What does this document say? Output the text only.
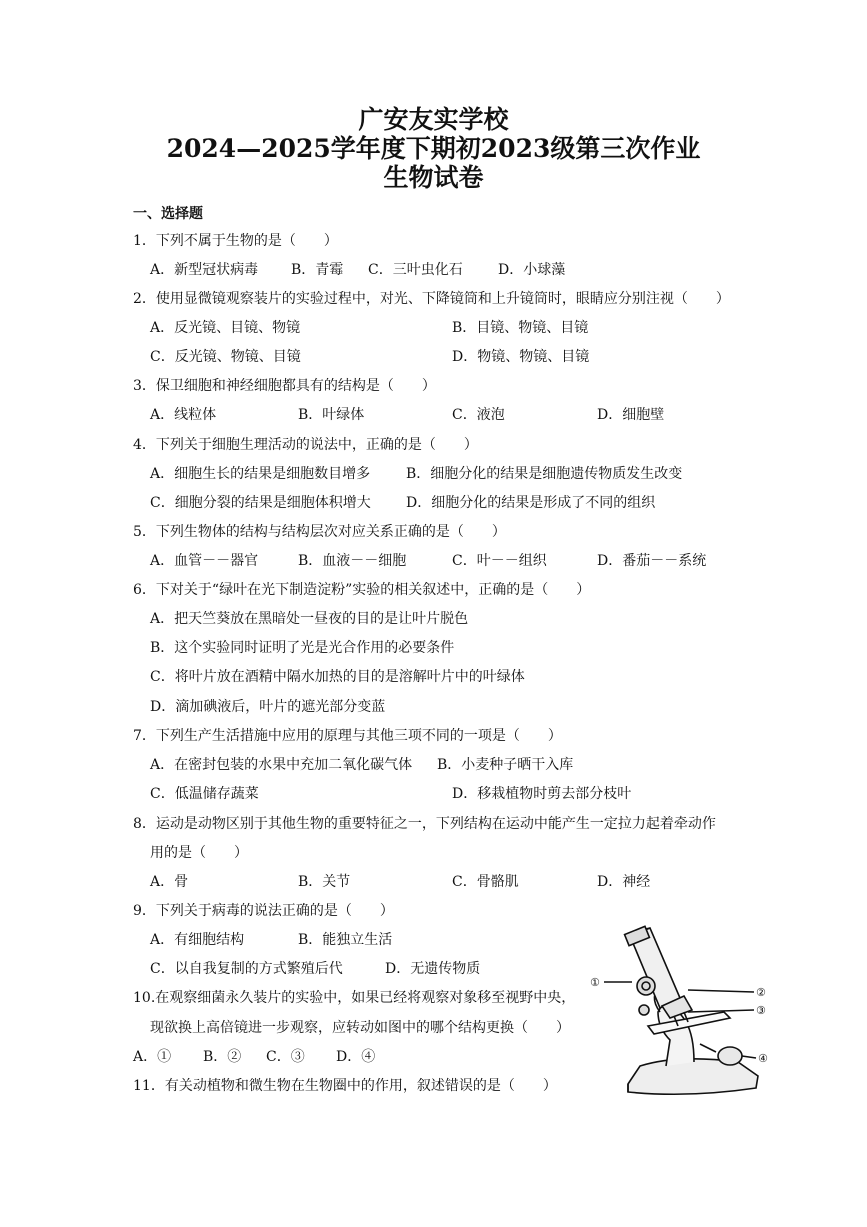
广安友实学校
2024—2025学年度下期初2023级第三次作业
生物试卷
一、选择题
1．下列不属于生物的是（　　）
A．新型冠状病毒 B．青霉 C．三叶虫化石	D．小球藻
2．使用显微镜观察装片的实验过程中，对光、下降镜筒和上升镜筒时，眼睛应分别注视（　　）
A．反光镜、目镜、物镜	B．目镜、物镜、目镜
C．反光镜、物镜、目镜	D．物镜、物镜、目镜
3．保卫细胞和神经细胞都具有的结构是（　　）
A．线粒体	B．叶绿体	C．液泡	D．细胞壁
4．下列关于细胞生理活动的说法中，正确的是（　　）
A．细胞生长的结果是细胞数目增多	B．细胞分化的结果是细胞遗传物质发生改变
C．细胞分裂的结果是细胞体积增大	D．细胞分化的结果是形成了不同的组织
5．下列生物体的结构与结构层次对应关系正确的是（　　）
A．血管－－器官	B．血液－－细胞	C．叶－－组织	D．番茄－－系统
6．下对关于“绿叶在光下制造淀粉”实验的相关叙述中，正确的是（　　）
A．把天竺葵放在黑暗处一昼夜的目的是让叶片脱色
B．这个实验同时证明了光是光合作用的必要条件
C．将叶片放在酒精中隔水加热的目的是溶解叶片中的叶绿体
D．滴加碘液后，叶片的遮光部分变蓝
7．下列生产生活措施中应用的原理与其他三项不同的一项是（　　）
A．在密封包装的水果中充加二氧化碳气体 B．小麦种子晒干入库
C．低温储存蔬菜	D．移栽植物时剪去部分枝叶
8．运动是动物区别于其他生物的重要特征之一，下列结构在运动中能产生一定拉力起着牵动作
用的是（　　）
A．骨	B．关节	C．骨骼肌	D．神经
9．下列关于病毒的说法正确的是（　　）
A．有细胞结构	B．能独立生活
C．以自我复制的方式繁殖后代	D．无遗传物质
10.在观察细菌永久装片的实验中，如果已经将观察对象移至视野中央，
现欲换上高倍镜进一步观察，应转动如图中的哪个结构更换（　　）
A．① B．② C．③ D．④
11．有关动植物和微生物在生物圈中的作用，叙述错误的是（　　）
①
②
③
④
